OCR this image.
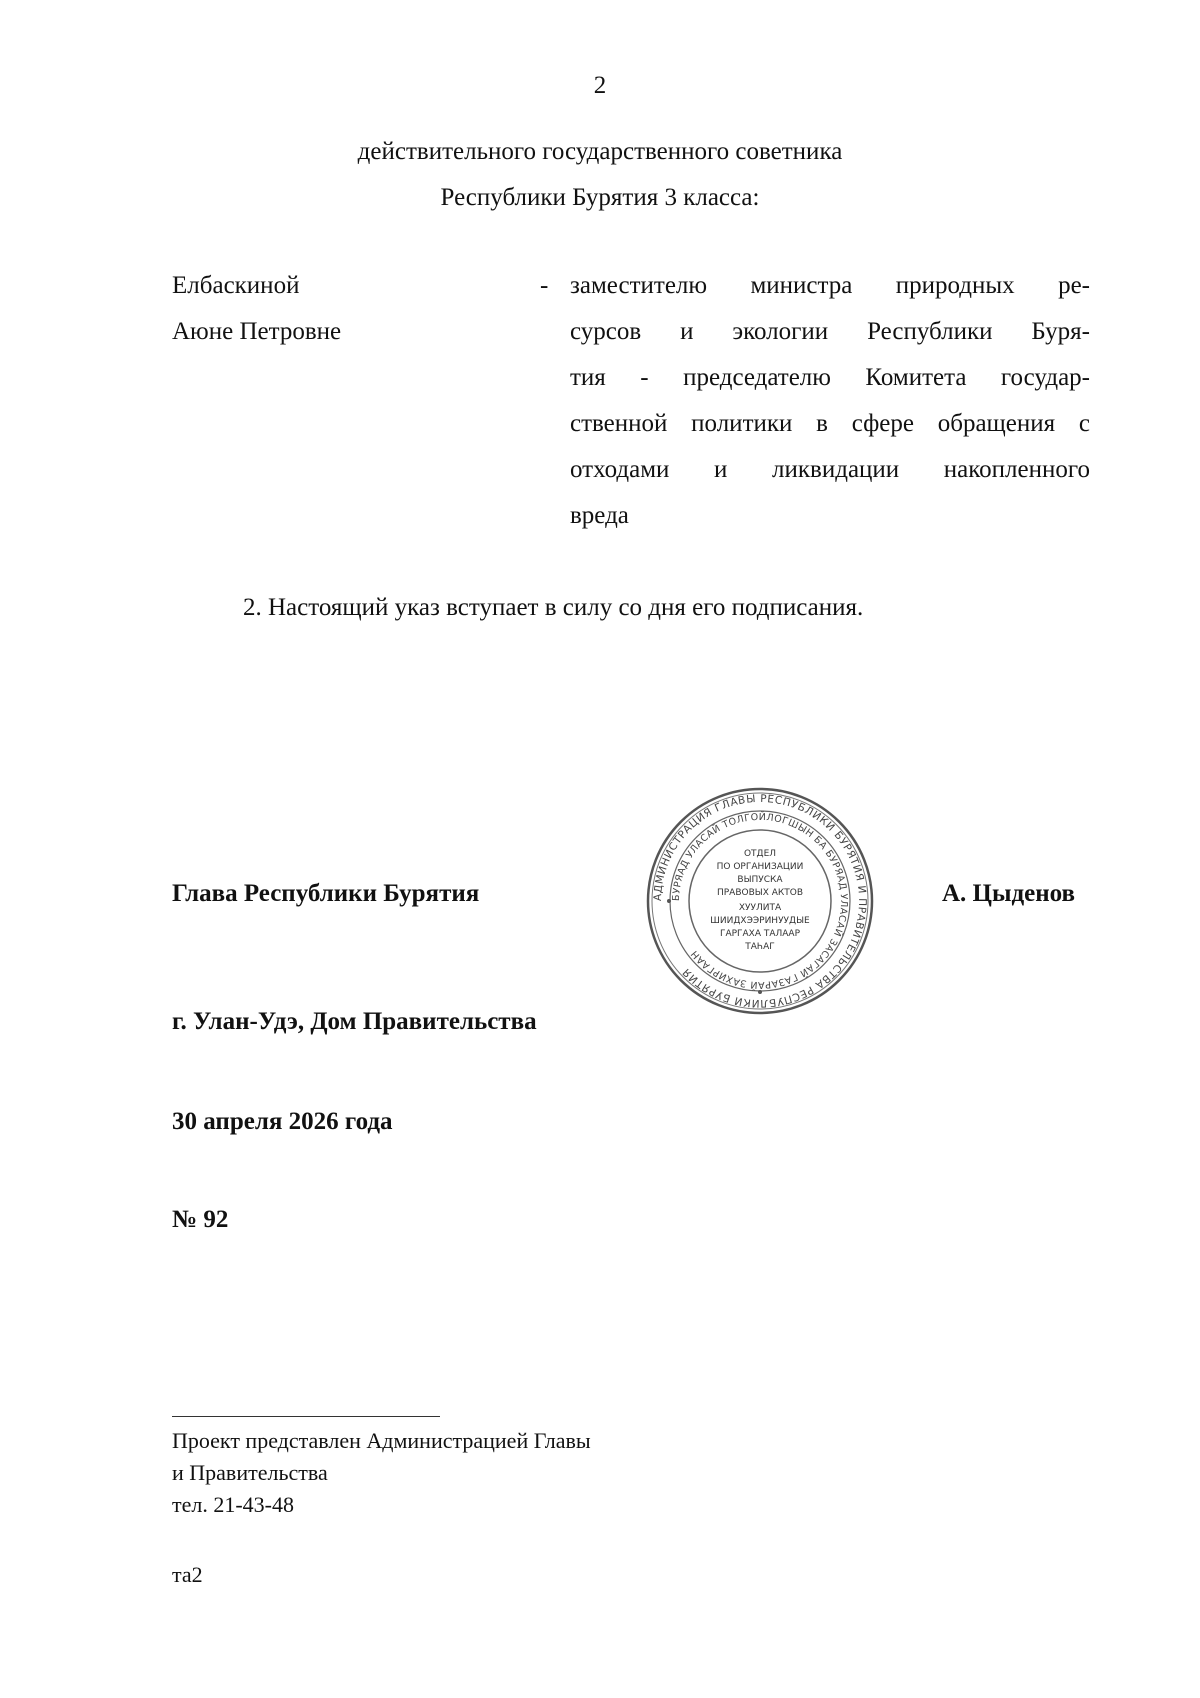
2
действительного государственного советника
Республики Бурятия 3 класса:
Елбаскиной
Аюне Петровне
- заместителю министра природных ре-
сурсов и экологии Республики Буря-
тия - председателю Комитета государ-
ственной политики в сфере обращения с
отходами и ликвидации накопленного
вреда
2. Настоящий указ вступает в силу со дня его подписания.
Глава Республики Бурятия	А. Цыденов
АДМИНИСТРАЦИЯ ГЛАВЫ РЕСПУБЛИКИ БУРЯТИЯ И ПРАВИТЕЛЬСТВА РЕСПУБЛИКИ БУРЯТИЯ
БУРЯАД УЛАСАЙ ТОЛГОЙЛОГШЫН БА БУРЯАД УЛАСАЙ ЗАСАГАЙ ГАЗАРАЙ ЗАХИРГААН
ОТДЕЛ
ПО ОРГАНИЗАЦИИ
ВЫПУСКА
ПРАВОВЫХ АКТОВ
ХУУЛИТА
ШИИДХЭЭРИНУУДЫЕ
ГАРГАХА ТАЛААР
ТАҺАГ
г. Улан-Удэ, Дом Правительства
30 апреля 2026 года
№ 92
Проект представлен Администрацией Главы
и Правительства
тел. 21-43-48
та2
